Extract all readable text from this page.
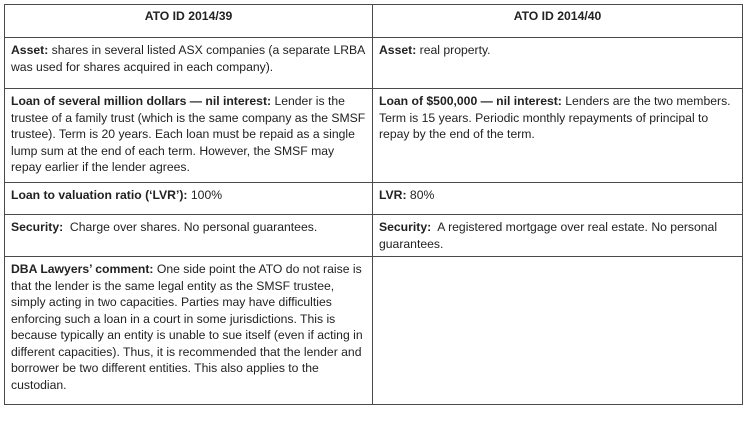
ATO ID 2014/39	ATO ID 2014/40
Asset: shares in several listed ASX companies (a separate LRBA was used for shares acquired in each company).	Asset: real property.
Loan of several million dollars — nil interest: Lender is the trustee of a family trust (which is the same company as the SMSF trustee). Term is 20 years. Each loan must be repaid as a single lump sum at the end of each term. However, the SMSF may repay earlier if the lender agrees.	Loan of $500,000 — nil interest: Lenders are the two members. Term is 15 years. Periodic monthly repayments of principal to repay by the end of the term.
Loan to valuation ratio (‘LVR’): 100%	LVR: 80%
Security:  Charge over shares. No personal guarantees.	Security:  A registered mortgage over real estate. No personal guarantees.
DBA Lawyers’ comment: One side point the ATO do not raise is that the lender is the same legal entity as the SMSF trustee, simply acting in two capacities. Parties may have difficulties enforcing such a loan in a court in some jurisdictions. This is because typically an entity is unable to sue itself (even if acting in different capacities). Thus, it is recommended that the lender and borrower be two different entities. This also applies to the custodian.	
